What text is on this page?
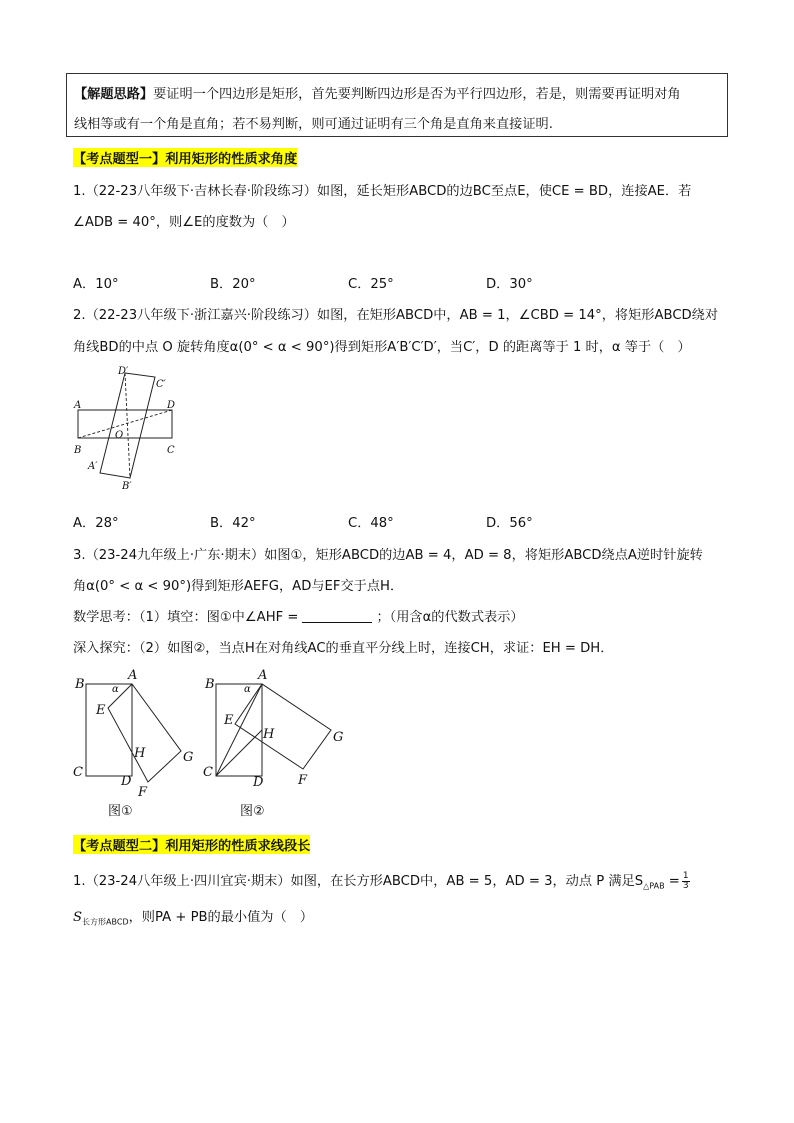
【解题思路】要证明一个四边形是矩形，首先要判断四边形是否为平行四边形，若是，则需要再证明对角
线相等或有一个角是直角；若不易判断，则可通过证明有三个角是直角来直接证明.
【考点题型一】利用矩形的性质求角度
1.（22-23八年级下·吉林长春·阶段练习）如图，延长矩形ABCD的边BC至点E，使CE = BD，连接AE．若
∠ADB = 40°，则∠E的度数为（　）
A．10°	B．20°	C．25°	D．30°
2.（22-23八年级下·浙江嘉兴·阶段练习）如图，在矩形ABCD中，AB = 1，∠CBD = 14°，将矩形ABCD绕对
角线BD的中点 O 旋转角度α(0° < α < 90°)得到矩形A′B′C′D′，当C′，D 的距离等于 1 时，α 等于（　）
D′
C′
A	D
O
B	C
A′
B′
A．28°	B．42°	C．48°	D．56°
3.（23-24九年级上·广东·期末）如图①，矩形ABCD的边AB = 4，AD = 8，将矩形ABCD绕点A逆时针旋转
角α(0° < α < 90°)得到矩形AEFG，AD与EF交于点H．
数学思考：（1）填空：图①中∠AHF =	；（用含α的代数式表示）
深入探究：（2）如图②，当点H在对角线AC的垂直平分线上时，连接CH，求证：EH = DH．
B
A
α
E
H
C
D
F
G
图①
B
A
α
E
H
C
D	F
G
图②
【考点题型二】利用矩形的性质求线段长
1.（23-24八年级上·四川宜宾·期末）如图，在长方形ABCD中，AB = 5，AD = 3，动点 P 满足$S_{\triangle PAB} = \frac{1}{3}$
$S_{长方形ABCD}$，则PA + PB的最小值为（　）
